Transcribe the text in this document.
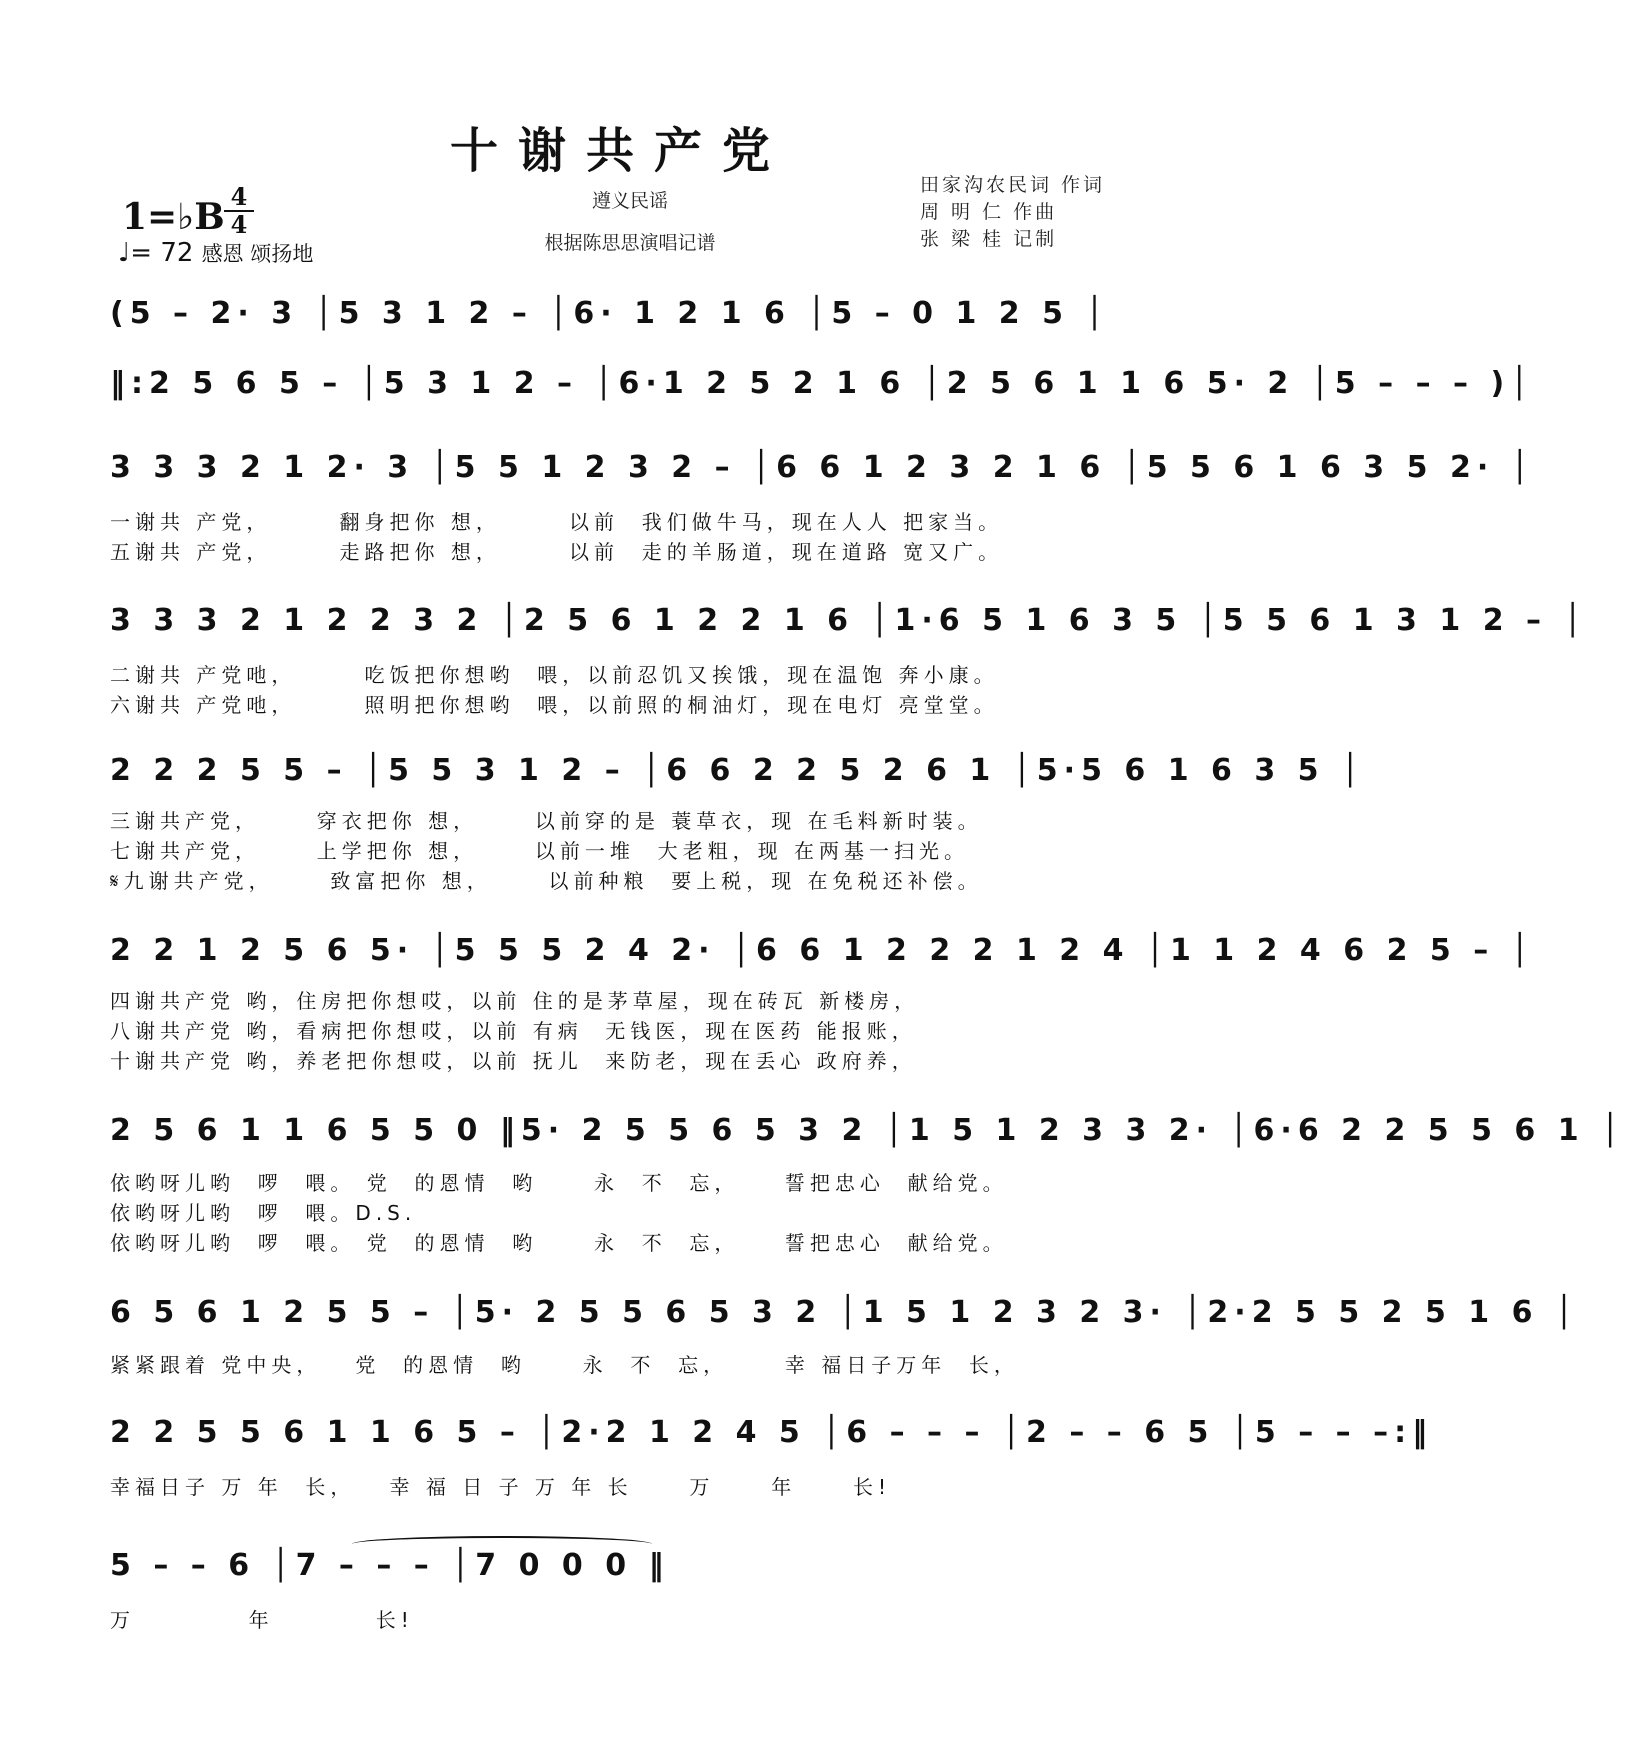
十谢共产党
1=♭B 4
4
♩= 72 感恩 颂扬地
遵义民谣
根据陈思思演唱记谱
田家沟农民词 作词
周 明 仁 作曲
张 梁 桂 记制
(5 – 2· 3 │5 3 1 2 – │6· 1 2 1 6 │5 – 0 1 2 5 │
‖:2 5 6 5 – │5 3 1 2 – │6·1 2 5 2 1 6 │2 5 6 1 1 6 5· 2 │5 – – – )│
3 3 3 2 1 2· 3 │5 5 1 2 3 2 – │6 6 1 2 3 2 1 6 │5 5 6 1 6 3 5 2· │
一谢共 产党，      翻身把你 想，      以前  我们做牛马，现在人人 把家当。
五谢共 产党，      走路把你 想，      以前  走的羊肠道，现在道路 宽又广。
3 3 3 2 1 2 2 3 2 │2 5 6 1 2 2 1 6 │1·6 5 1 6 3 5 │5 5 6 1 3 1 2 – │
二谢共 产党吔，      吃饭把你想哟  喂，以前忍饥又挨饿，现在温饱 奔小康。
六谢共 产党吔，      照明把你想哟  喂，以前照的桐油灯，现在电灯 亮堂堂。
2 2 2 5 5 – │5 5 3 1 2 – │6 6 2 2 5 2 6 1 │5·5 6 1 6 3 5 │
三谢共产党，     穿衣把你 想，     以前穿的是 蓑草衣，现 在毛料新时装。
七谢共产党，     上学把你 想，     以前一堆  大老粗，现 在两基一扫光。
𝄋九谢共产党，     致富把你 想，     以前种粮  要上税，现 在免税还补偿。
2 2 1 2 5 6 5· │5 5 5 2 4 2· │6 6 1 2 2 2 1 2 4 │1 1 2 4 6 2 5 – │
四谢共产党 哟，住房把你想哎，以前 住的是茅草屋，现在砖瓦 新楼房，
八谢共产党 哟，看病把你想哎，以前 有病  无钱医，现在医药 能报账，
十谢共产党 哟，养老把你想哎，以前 抚儿  来防老，现在丢心 政府养，
2 5 6 1 1 6 5 5 0 ‖5· 2 5 5 6 5 3 2 │1 5 1 2 3 3 2· │6·6 2 2 5 5 6 1 │
依哟呀儿哟  啰  喂。 党  的恩情  哟     永  不  忘，    誓把忠心  献给党。
依哟呀儿哟  啰  喂。D.S.
依哟呀儿哟  啰  喂。 党  的恩情  哟     永  不  忘，    誓把忠心  献给党。
6 5 6 1 2 5 5 – │5· 2 5 5 6 5 3 2 │1 5 1 2 3 2 3· │2·2 5 5 2 5 1 6 │
紧紧跟着 党中央，   党  的恩情  哟     永  不  忘，     幸 福日子万年  长，
2 2 5 5 6 1 1 6 5 – │2·2 1 2 4 5 │6 – – – │2 – – 6 5 │5 – – –:‖
幸福日子 万 年  长，   幸 福 日 子 万 年 长     万     年     长!
5 – – 6 │7 – – – │7 0 0 0 ‖
万          年         长!
